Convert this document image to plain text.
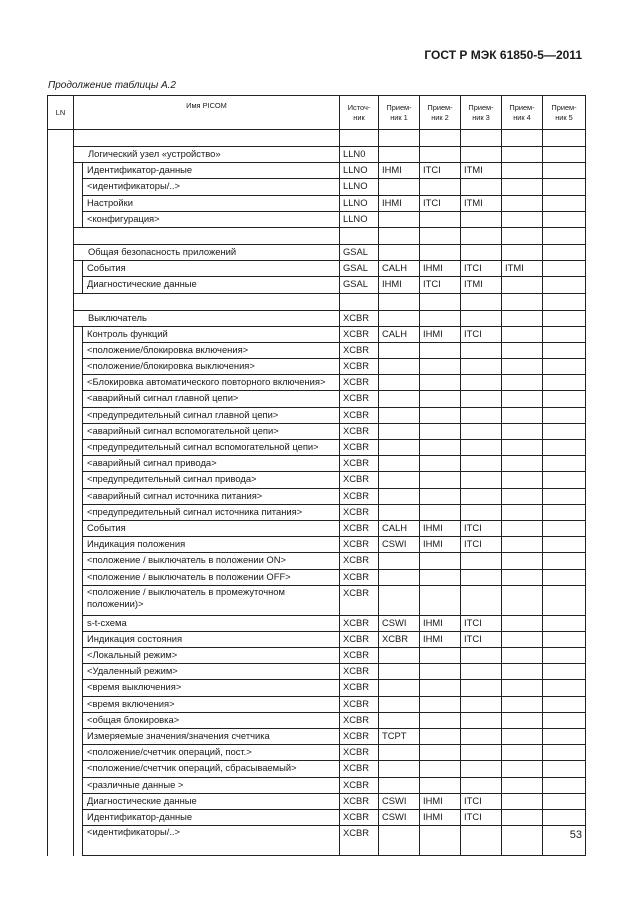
ГОСТ Р МЭК 61850-5—2011
Продолжение таблицы А.2
LN	Имя PICOM		Источ-ник	Прием-ник 1	Прием-ник 2	Прием-ник 3	Прием-ник 4	Прием-ник 5

	Логический узел «устройство»		LLN0					
		Идентификатор-данные	LLNO	IHMI	ITCI	ITMI		
		<идентификаторы/..>	LLNO					
		Настройки	LLNO	IHMI	ITCI	ITMI		
		<конфигурация>	LLNO					

	Общая безопасность приложений		GSAL					
		События	GSAL	CALH	IHMI	ITCI	ITMI	
		Диагностические данные	GSAL	IHMI	ITCI	ITMI		

	Выключатель		XCBR					
		Контроль функций	XCBR	CALH	IHMI	ITCI		
		<положение/блокировка включения>	XCBR					
		<положение/блокировка выключения>	XCBR					
		<Блокировка автоматического повторного включения>	XCBR					
		<аварийный сигнал главной цепи>	XCBR					
		<предупредительный сигнал главной цепи>	XCBR					
		<аварийный сигнал вспомогательной цепи>	XCBR					
		<предупредительный сигнал вспомогательной цепи>	XCBR					
		<аварийный сигнал привода>	XCBR					
		<предупредительный сигнал привода>	XCBR					
		<аварийный сигнал источника питания>	XCBR					
		<предупредительный сигнал источника питания>	XCBR					
		События	XCBR	CALH	IHMI	ITCI		
		Индикация положения	XCBR	CSWI	IHMI	ITCI		
		<положение / выключатель в положении ON>	XCBR					
		<положение / выключатель в положении OFF>	XCBR					
		<положение / выключатель в промежуточном положении)>	XCBR					
		s-t-схема	XCBR	CSWI	IHMI	ITCI		
		Индикация состояния	XCBR	XCBR	IHMI	ITCI		
		<Локальный режим>	XCBR					
		<Удаленный режим>	XCBR					
		<время выключения>	XCBR					
		<время включения>	XCBR					
		<общая блокировка>	XCBR					
		Измеряемые значения/значения счетчика	XCBR	TCPT				
		<положение/счетчик операций, пост.>	XCBR					
		<положение/счетчик операций, сбрасываемый>	XCBR					
		<различные данные >	XCBR					
		Диагностические данные	XCBR	CSWI	IHMI	ITCI		
		Идентификатор-данные	XCBR	CSWI	IHMI	ITCI		
		<идентификаторы/..>	XCBR						53
